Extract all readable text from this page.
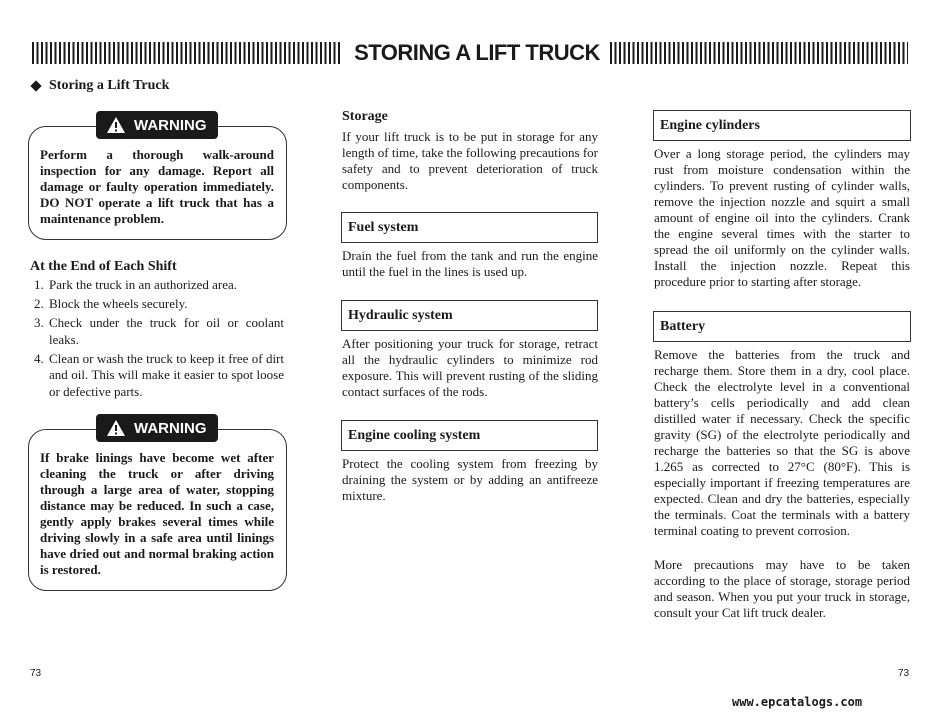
STORING A LIFT TRUCK
Storing a Lift Truck
Perform a thorough walk-around inspection for any damage. Report all damage or faulty operation immediately. DO NOT operate a lift truck that has a maintenance problem.
WARNING
At the End of Each Shift
1. Park the truck in an authorized area.
2. Block the wheels securely.
3. Check under the truck for oil or coolant leaks.
4. Clean or wash the truck to keep it free of dirt and oil. This will make it easier to spot loose or defective parts.
If brake linings have become wet after cleaning the truck or after driving through a large area of water, stopping distance may be reduced. In such a case, gently apply brakes several times while driving slowly in a safe area until linings have dried out and normal braking action is restored.
WARNING
Storage
If your lift truck is to be put in storage for any length of time, take the following precautions for safety and to prevent deterioration of truck components.
Fuel system
Drain the fuel from the tank and run the engine until the fuel in the lines is used up.
Hydraulic system
After positioning your truck for storage, retract all the hydraulic cylinders to minimize rod exposure. This will prevent rusting of the sliding contact surfaces of the rods.
Engine cooling system
Protect the cooling system from freezing by draining the system or by adding an antifreeze mixture.
Engine cylinders
Over a long storage period, the cylinders may rust from moisture condensation within the cylinders. To prevent rusting of cylinder walls, remove the injection nozzle and squirt a small amount of engine oil into the cylinders. Crank the engine several times with the starter to spread the oil uniformly on the cylinder walls. Install the injection nozzle. Repeat this procedure prior to starting after storage.
Battery
Remove the batteries from the truck and recharge them. Store them in a dry, cool place. Check the electrolyte level in a conventional battery’s cells periodically and add clean distilled water if necessary. Check the specific gravity (SG) of the electrolyte periodically and recharge the batteries so that the SG is above 1.265 as corrected to 27°C (80°F). This is especially important if freezing temperatures are expected. Clean and dry the batteries, especially the terminals. Coat the terminals with a battery terminal coating to prevent corrosion.
More precautions may have to be taken according to the place of storage, storage period and season. When you put your truck in storage, consult your Cat lift truck dealer.
73	73
www.epcatalogs.com
